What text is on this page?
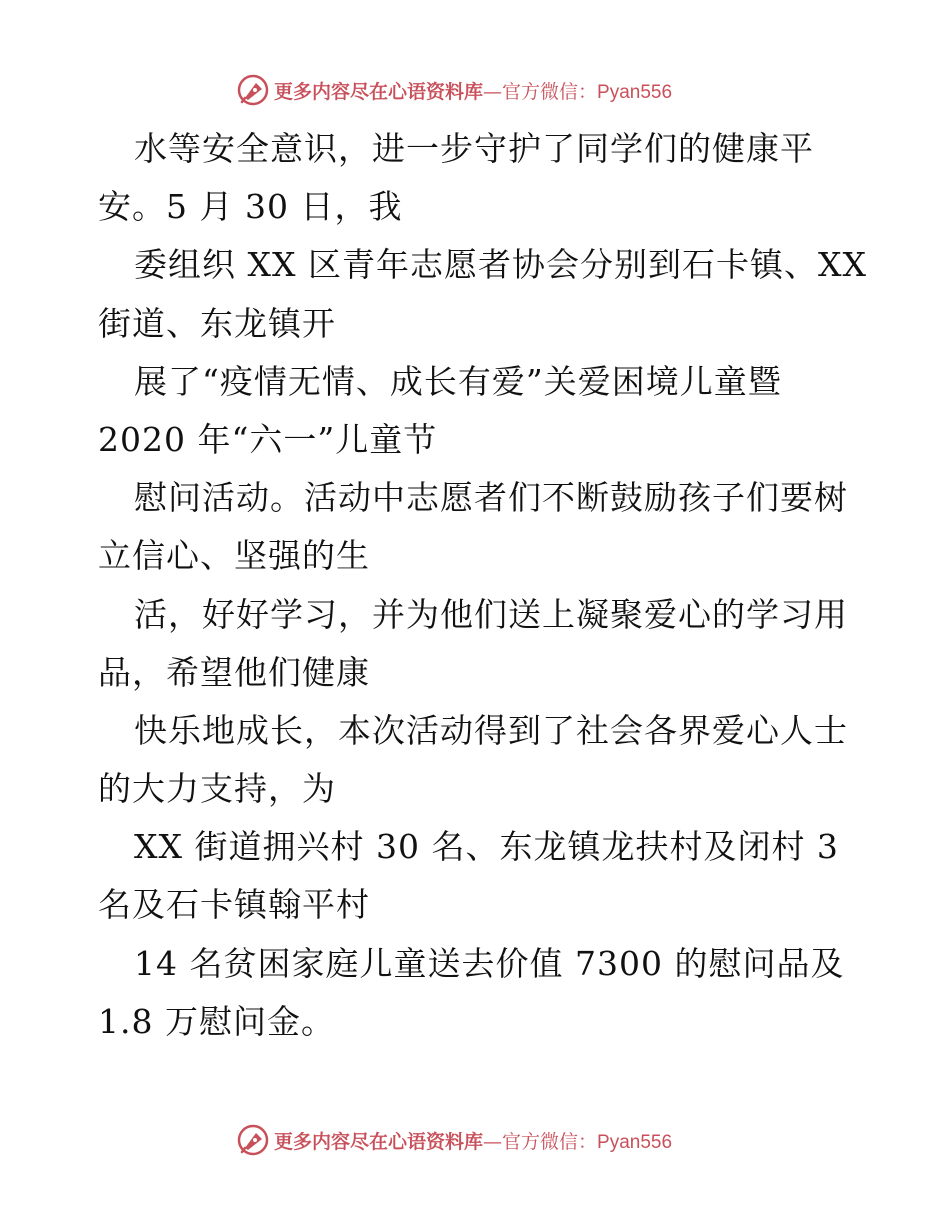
更多内容尽在心语资料库—官方微信：Pyan556
水等安全意识，进一步守护了同学们的健康平
安。5 月 30 日，我
委组织 XX 区青年志愿者协会分别到石卡镇、XX
街道、东龙镇开
展了“疫情无情、成长有爱”关爱困境儿童暨
2020 年“六一”儿童节
慰问活动。活动中志愿者们不断鼓励孩子们要树
立信心、坚强的生
活，好好学习，并为他们送上凝聚爱心的学习用
品，希望他们健康
快乐地成长，本次活动得到了社会各界爱心人士
的大力支持，为
XX 街道拥兴村 30 名、东龙镇龙扶村及闭村 3
名及石卡镇翰平村
14 名贫困家庭儿童送去价值 7300 的慰问品及
1.8 万慰问金。
更多内容尽在心语资料库—官方微信：Pyan556
